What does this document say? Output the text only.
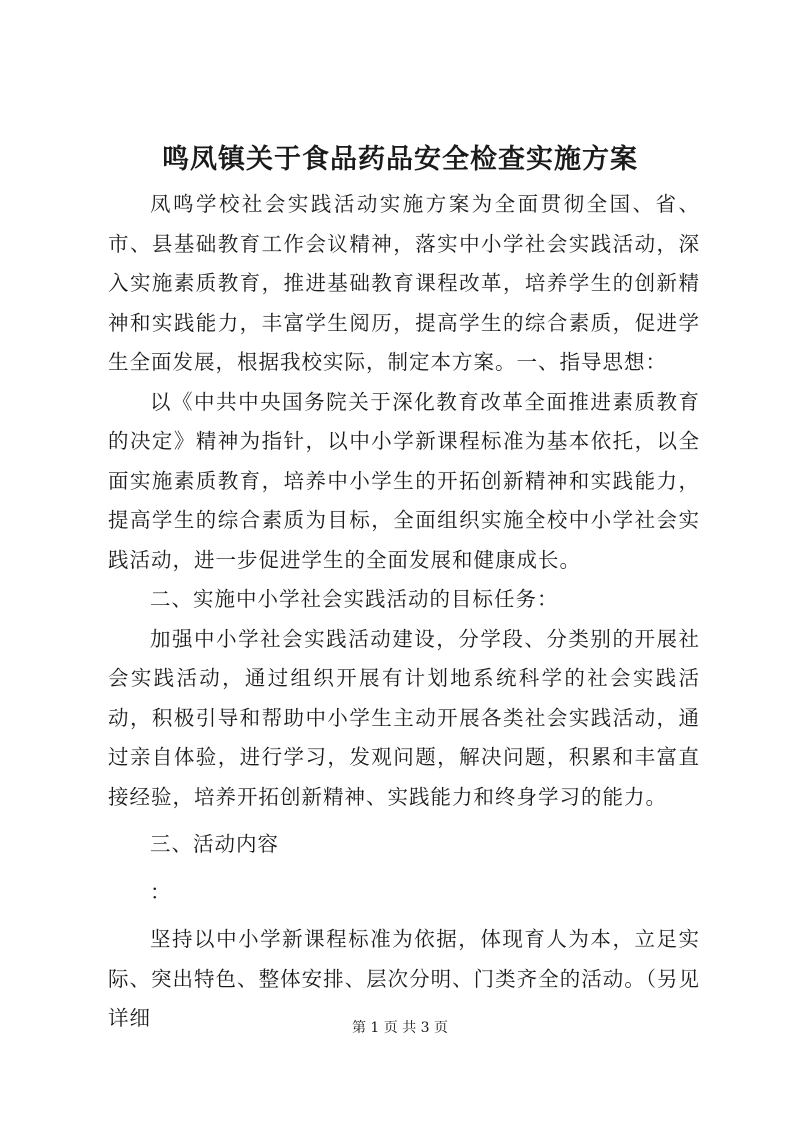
鸣凤镇关于食品药品安全检查实施方案

凤鸣学校社会实践活动实施方案为全面贯彻全国、省、市、县基础教育工作会议精神，落实中小学社会实践活动，深入实施素质教育，推进基础教育课程改革，培养学生的创新精神和实践能力，丰富学生阅历，提高学生的综合素质，促进学生全面发展，根据我校实际，制定本方案。一、指导思想：

以《中共中央国务院关于深化教育改革全面推进素质教育的决定》精神为指针，以中小学新课程标准为基本依托，以全面实施素质教育，培养中小学生的开拓创新精神和实践能力，提高学生的综合素质为目标，全面组织实施全校中小学社会实践活动，进一步促进学生的全面发展和健康成长。

二、实施中小学社会实践活动的目标任务：

加强中小学社会实践活动建设，分学段、分类别的开展社会实践活动，通过组织开展有计划地系统科学的社会实践活动，积极引导和帮助中小学生主动开展各类社会实践活动，通过亲自体验，进行学习，发观问题，解决问题，积累和丰富直接经验，培养开拓创新精神、实践能力和终身学习的能力。

三、活动内容

：

坚持以中小学新课程标准为依据，体现育人为本，立足实际、突出特色、整体安排、层次分明、门类齐全的活动。（另见详细	第 1 页 共 3 页
